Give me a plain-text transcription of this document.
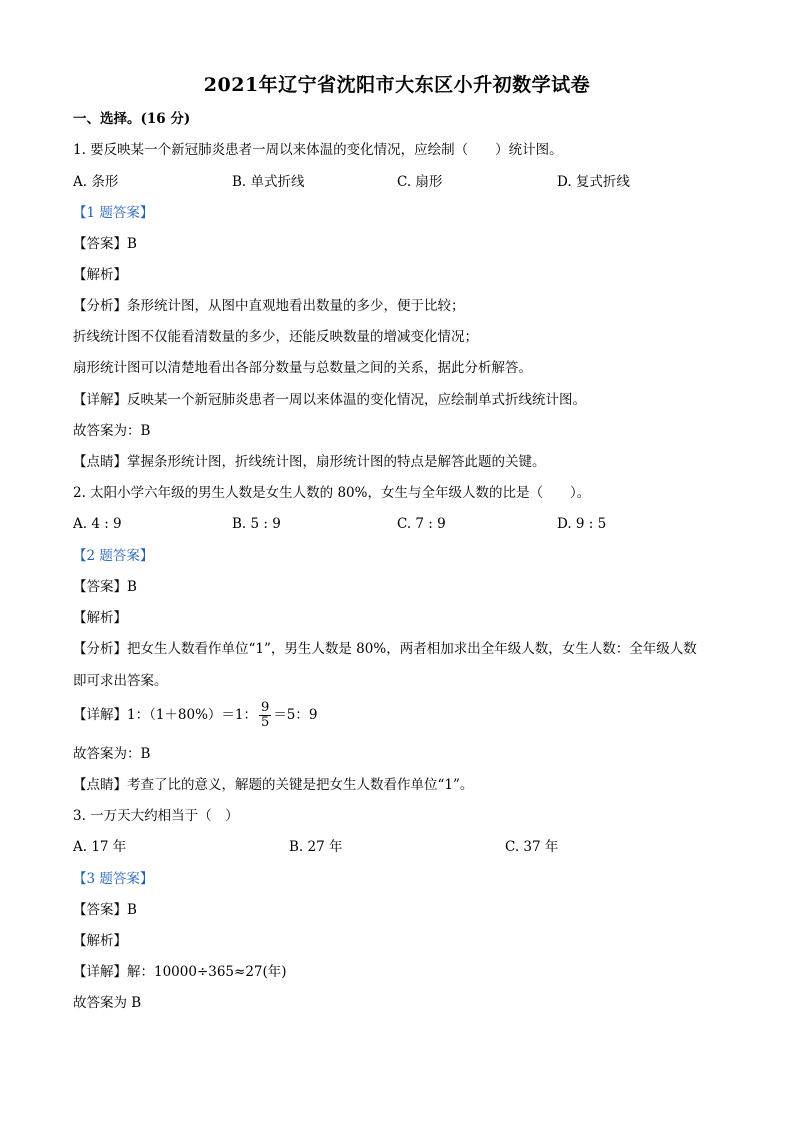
2021年辽宁省沈阳市大东区小升初数学试卷
一、选择。(16 分)
1. 要反映某一个新冠肺炎患者一周以来体温的变化情况，应绘制（　　）统计图。
A. 条形	B. 单式折线	C. 扇形	D. 复式折线
【1 题答案】
【答案】B
【解析】
【分析】条形统计图，从图中直观地看出数量的多少，便于比较；
折线统计图不仅能看清数量的多少，还能反映数量的增减变化情况；
扇形统计图可以清楚地看出各部分数量与总数量之间的关系，据此分析解答。
【详解】反映某一个新冠肺炎患者一周以来体温的变化情况，应绘制单式折线统计图。
故答案为：B
【点睛】掌握条形统计图，折线统计图，扇形统计图的特点是解答此题的关键。
2. 太阳小学六年级的男生人数是女生人数的 80%，女生与全年级人数的比是（　　）。
A. 4 : 9	B. 5 : 9	C. 7 : 9	D. 9 : 5
【2 题答案】
【答案】B
【解析】
【分析】把女生人数看作单位“1”，男生人数是 80%，两者相加求出全年级人数，女生人数：全年级人数
即可求出答案。
【详解】1：（1＋80%）＝1： $\frac{9}{5} =5$：9
故答案为：B
【点睛】考查了比的意义，解题的关键是把女生人数看作单位“1”。
3. 一万天大约相当于（　）
A. 17 年	B. 27 年	C. 37 年
【3 题答案】
【答案】B
【解析】
【详解】解：10000÷365≈27(年)
故答案为 B
